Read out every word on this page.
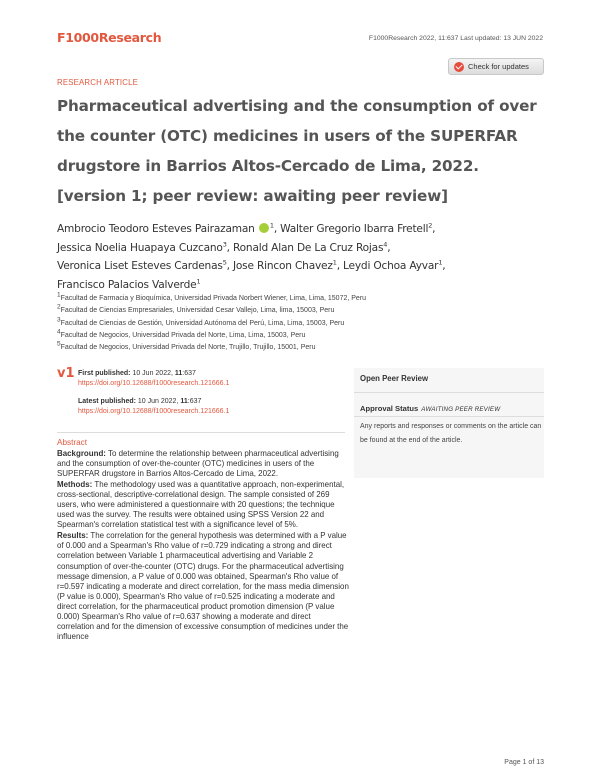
F1000Research	F1000Research 2022, 11:637 Last updated: 13 JUN 2022
Check for updates
RESEARCH ARTICLE
Pharmaceutical advertising and the consumption of over the counter (OTC) medicines in users of the SUPERFAR drugstore in Barrios Altos-Cercado de Lima, 2022. [version 1; peer review: awaiting peer review]
Ambrocio Teodoro Esteves Pairazaman $^1$, Walter Gregorio Ibarra Fretell$^2$,
Jessica Noelia Huapaya Cuzcano$^3$, Ronald Alan De La Cruz Rojas$^4$,
Veronica Liset Esteves Cardenas$^5$, Jose Rincon Chavez$^1$, Leydi Ochoa Ayvar$^1$,
Francisco Palacios Valverde$^1$
$^1$Facultad de Farmacia y Bioquímica, Universidad Privada Norbert Wiener, Lima, Lima, 15072, Peru
$^2$Facultad de Ciencias Empresariales, Universidad Cesar Vallejo, Lima, lima, 15003, Peru
$^3$Facultad de Ciencias de Gestión, Universidad Autónoma del Perú, Lima, Lima, 15003, Peru
$^4$Facultad de Negocios, Universidad Privada del Norte, Lima, Lima, 15003, Peru
$^5$Facultad de Negocios, Universidad Privada del Norte, Trujillo, Trujillo, 15001, Peru
v1 First published: 10 Jun 2022, 11:637
https://doi.org/10.12688/f1000research.121666.1
Latest published: 10 Jun 2022, 11:637
https://doi.org/10.12688/f1000research.121666.1
Abstract
Background: To determine the relationship between pharmaceutical advertising and the consumption of over-the-counter (OTC) medicines in users of the SUPERFAR drugstore in Barrios Altos-Cercado de Lima, 2022.
Methods: The methodology used was a quantitative approach, non-experimental, cross-sectional, descriptive-correlational design. The sample consisted of 269 users, who were administered a questionnaire with 20 questions; the technique used was the survey. The results were obtained using SPSS Version 22 and Spearman's correlation statistical test with a significance level of 5%.
Results: The correlation for the general hypothesis was determined with a P value of 0.000 and a Spearman's Rho value of r=0.729 indicating a strong and direct correlation between Variable 1 pharmaceutical advertising and Variable 2 consumption of over-the-counter (OTC) drugs. For the pharmaceutical advertising message dimension, a P value of 0.000 was obtained, Spearman's Rho value of r=0.597 indicating a moderate and direct correlation, for the mass media dimension (P value is 0.000), Spearman's Rho value of r=0.525 indicating a moderate and direct correlation, for the pharmaceutical product promotion dimension (P value 0.000) Spearman's Rho value of r=0.637 showing a moderate and direct correlation and for the dimension of excessive consumption of medicines under the influence
Open Peer Review
Approval Status AWAITING PEER REVIEW
Any reports and responses or comments on the article can be found at the end of the article.
Page 1 of 13
